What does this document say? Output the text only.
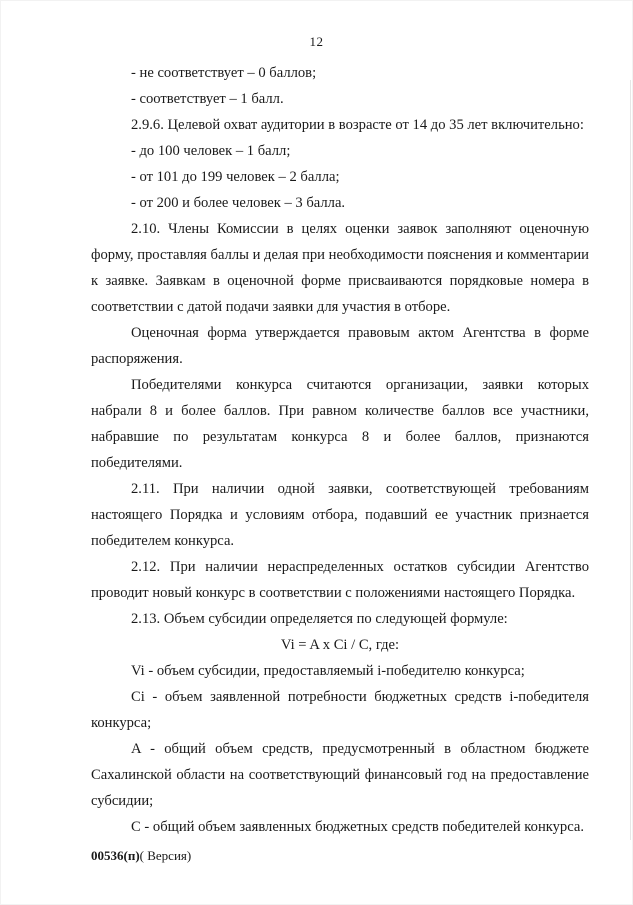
12

- не соответствует – 0 баллов;

- соответствует – 1 балл.

2.9.6. Целевой охват аудитории в возрасте от 14 до 35 лет включительно:

- до 100 человек – 1 балл;

- от 101 до 199 человек – 2 балла;

- от 200 и более человек – 3 балла.

2.10. Члены Комиссии в целях оценки заявок заполняют оценочную форму, проставляя баллы и делая при необходимости пояснения и комментарии к заявке. Заявкам в оценочной форме присваиваются порядковые номера в соответствии с датой подачи заявки для участия в отборе.

Оценочная форма утверждается правовым актом Агентства в форме распоряжения.

Победителями конкурса считаются организации, заявки которых набрали 8 и более баллов. При равном количестве баллов все участники, набравшие по результатам конкурса 8 и более баллов, признаются победителями.

2.11. При наличии одной заявки, соответствующей требованиям настоящего Порядка и условиям отбора, подавший ее участник признается победителем конкурса.

2.12. При наличии нераспределенных остатков субсидии Агентство проводит новый конкурс в соответствии с положениями настоящего Порядка.

2.13. Объем субсидии определяется по следующей формуле:

Vi = A x Ci / C, где:

Vi - объем субсидии, предоставляемый i-победителю конкурса;

Ci - объем заявленной потребности бюджетных средств i-победителя конкурса;

A - общий объем средств, предусмотренный в областном бюджете Сахалинской области на соответствующий финансовый год на предоставление субсидии;

C - общий объем заявленных бюджетных средств победителей конкурса.

00536(п)( Версия)
